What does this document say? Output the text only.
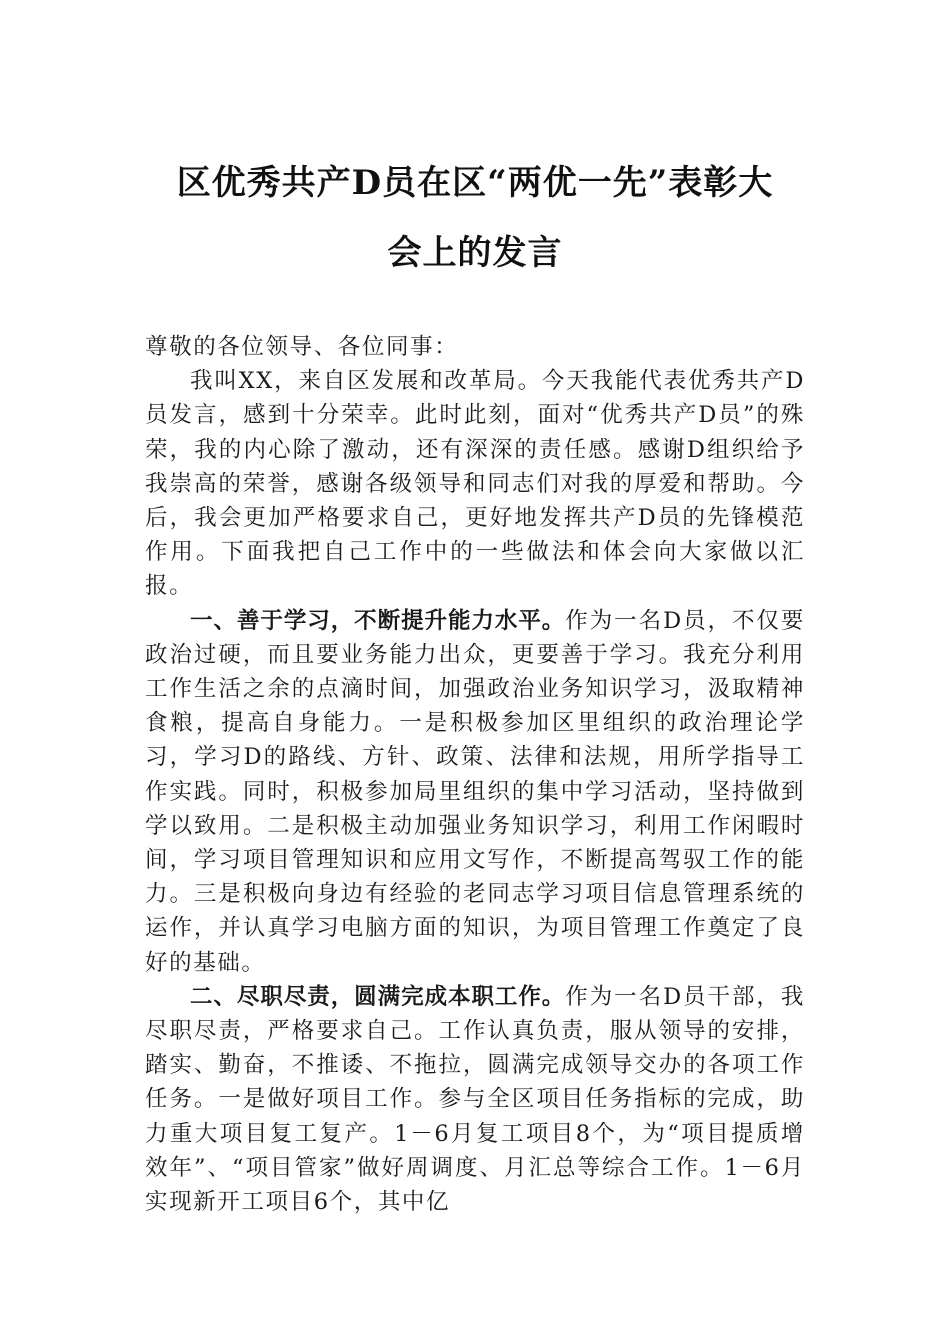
区优秀共产D员在区“两优一先”表彰大
会上的发言

尊敬的各位领导、各位同事：

我叫XX，来自区发展和改革局。今天我能代表优秀共产D员发言，感到十分荣幸。此时此刻，面对“优秀共产D员”的殊荣，我的内心除了激动，还有深深的责任感。感谢D组织给予我崇高的荣誉，感谢各级领导和同志们对我的厚爱和帮助。今后，我会更加严格要求自己，更好地发挥共产D员的先锋模范作用。下面我把自己工作中的一些做法和体会向大家做以汇报。

一、善于学习，不断提升能力水平。作为一名D员，不仅要政治过硬，而且要业务能力出众，更要善于学习。我充分利用工作生活之余的点滴时间，加强政治业务知识学习，汲取精神食粮，提高自身能力。一是积极参加区里组织的政治理论学习，学习D的路线、方针、政策、法律和法规，用所学指导工作实践。同时，积极参加局里组织的集中学习活动，坚持做到学以致用。二是积极主动加强业务知识学习，利用工作闲暇时间，学习项目管理知识和应用文写作，不断提高驾驭工作的能力。三是积极向身边有经验的老同志学习项目信息管理系统的运作，并认真学习电脑方面的知识，为项目管理工作奠定了良好的基础。

二、尽职尽责，圆满完成本职工作。作为一名D员干部，我尽职尽责，严格要求自己。工作认真负责，服从领导的安排，踏实、勤奋，不推诿、不拖拉，圆满完成领导交办的各项工作任务。一是做好项目工作。参与全区项目任务指标的完成，助力重大项目复工复产。1－6月复工项目8个，为“项目提质增效年”、“项目管家”做好周调度、月汇总等综合工作。1－6月实现新开工项目6个，其中亿
